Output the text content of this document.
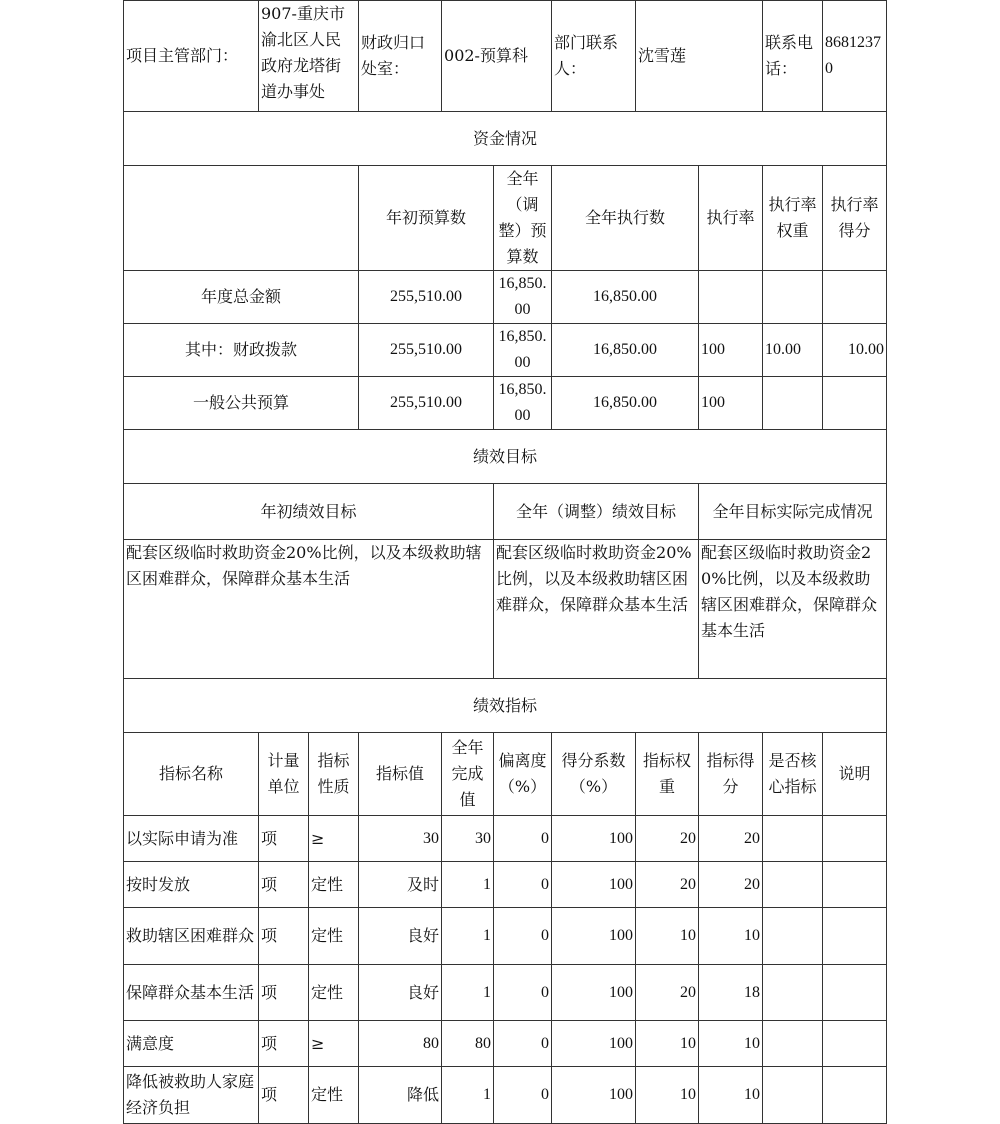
项目主管部门：	907-重庆市渝北区人民政府龙塔街道办事处		财政归口处室：	002-预算科		部门联系人：	沈雪莲		联系电话：	86812370
资金情况										
			年初预算数		全年（调整）预算数	全年执行数		执行率	执行率权重	执行率得分
年度总金额			255,510.00		16,850.00	16,850.00				
其中：财政拨款			255,510.00		16,850.00	16,850.00		100	10.00	10.00
一般公共预算			255,510.00		16,850.00	16,850.00		100		
绩效目标										
年初绩效目标					全年（调整）绩效目标			全年目标实际完成情况		
配套区级临时救助资金20%比例，以及本级救助辖区困难群众，保障群众基本生活					配套区级临时救助资金20%比例，以及本级救助辖区困难群众，保障群众基本生活			配套区级临时救助资金20%比例，以及本级救助辖区困难群众，保障群众基本生活		
绩效指标										
指标名称	计量单位	指标性质	指标值	全年完成值	偏离度（%）	得分系数（%）	指标权重	指标得分	是否核心指标	说明
以实际申请为准	项	≥	30	30	0	100	20	20		
按时发放	项	定性	及时	1	0	100	20	20		
救助辖区困难群众	项	定性	良好	1	0	100	10	10		
保障群众基本生活	项	定性	良好	1	0	100	20	18		
满意度	项	≥	80	80	0	100	10	10		
降低被救助人家庭经济负担	项	定性	降低	1	0	100	10	10		
